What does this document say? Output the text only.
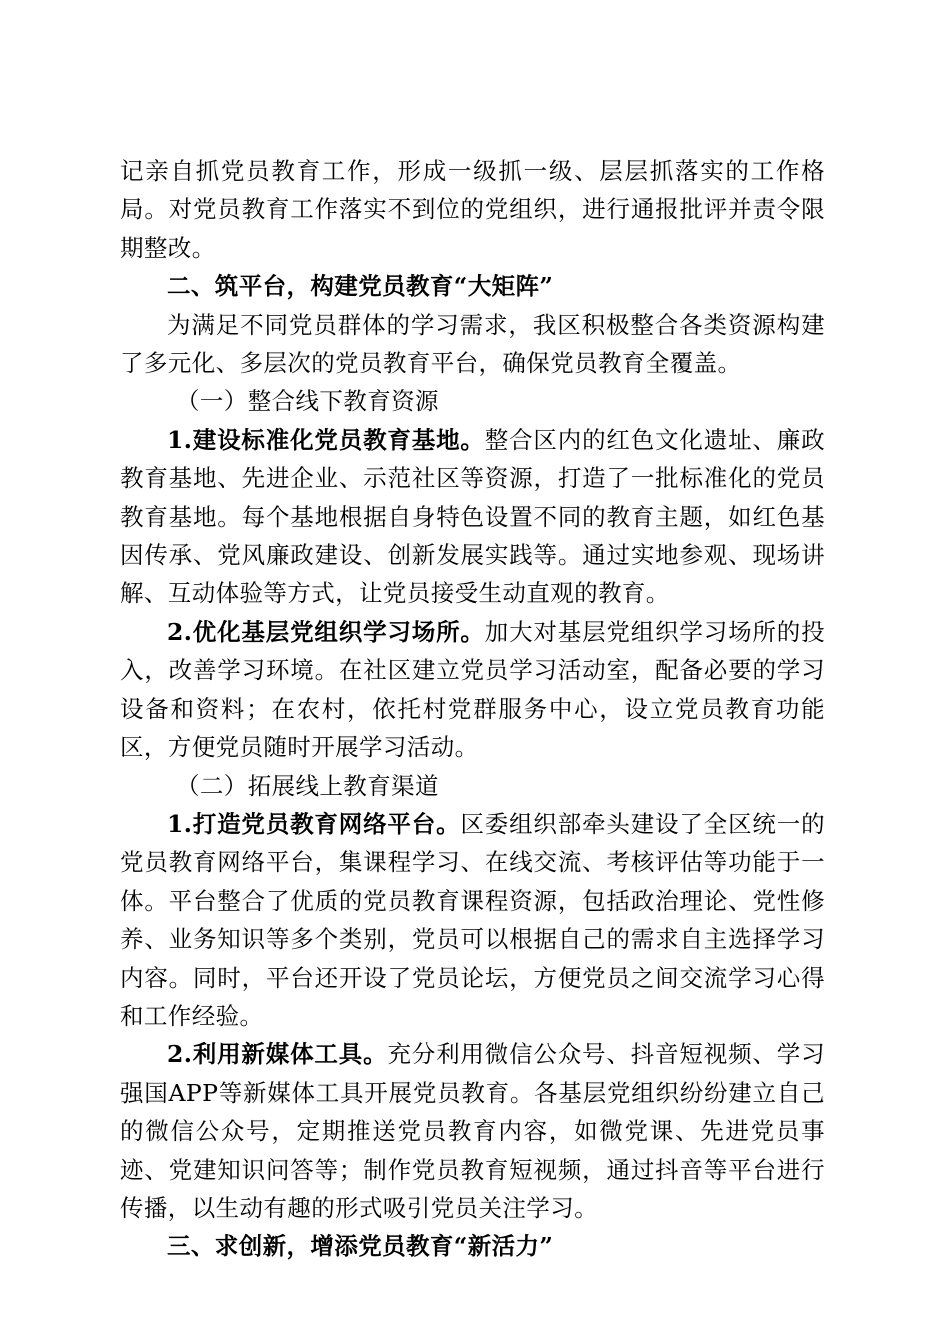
记亲自抓党员教育工作，形成一级抓一级、层层抓落实的工作格局。对党员教育工作落实不到位的党组织，进行通报批评并责令限期整改。

二、筑平台，构建党员教育“大矩阵”

为满足不同党员群体的学习需求，我区积极整合各类资源构建了多元化、多层次的党员教育平台，确保党员教育全覆盖。

（一）整合线下教育资源

1.建设标准化党员教育基地。整合区内的红色文化遗址、廉政教育基地、先进企业、示范社区等资源，打造了一批标准化的党员教育基地。每个基地根据自身特色设置不同的教育主题，如红色基因传承、党风廉政建设、创新发展实践等。通过实地参观、现场讲解、互动体验等方式，让党员接受生动直观的教育。

2.优化基层党组织学习场所。加大对基层党组织学习场所的投入，改善学习环境。在社区建立党员学习活动室，配备必要的学习设备和资料；在农村，依托村党群服务中心，设立党员教育功能区，方便党员随时开展学习活动。

（二）拓展线上教育渠道

1.打造党员教育网络平台。区委组织部牵头建设了全区统一的党员教育网络平台，集课程学习、在线交流、考核评估等功能于一体。平台整合了优质的党员教育课程资源，包括政治理论、党性修养、业务知识等多个类别，党员可以根据自己的需求自主选择学习内容。同时，平台还开设了党员论坛，方便党员之间交流学习心得和工作经验。

2.利用新媒体工具。充分利用微信公众号、抖音短视频、学习强国APP等新媒体工具开展党员教育。各基层党组织纷纷建立自己的微信公众号，定期推送党员教育内容，如微党课、先进党员事迹、党建知识问答等；制作党员教育短视频，通过抖音等平台进行传播，以生动有趣的形式吸引党员关注学习。

三、求创新，增添党员教育“新活力”
